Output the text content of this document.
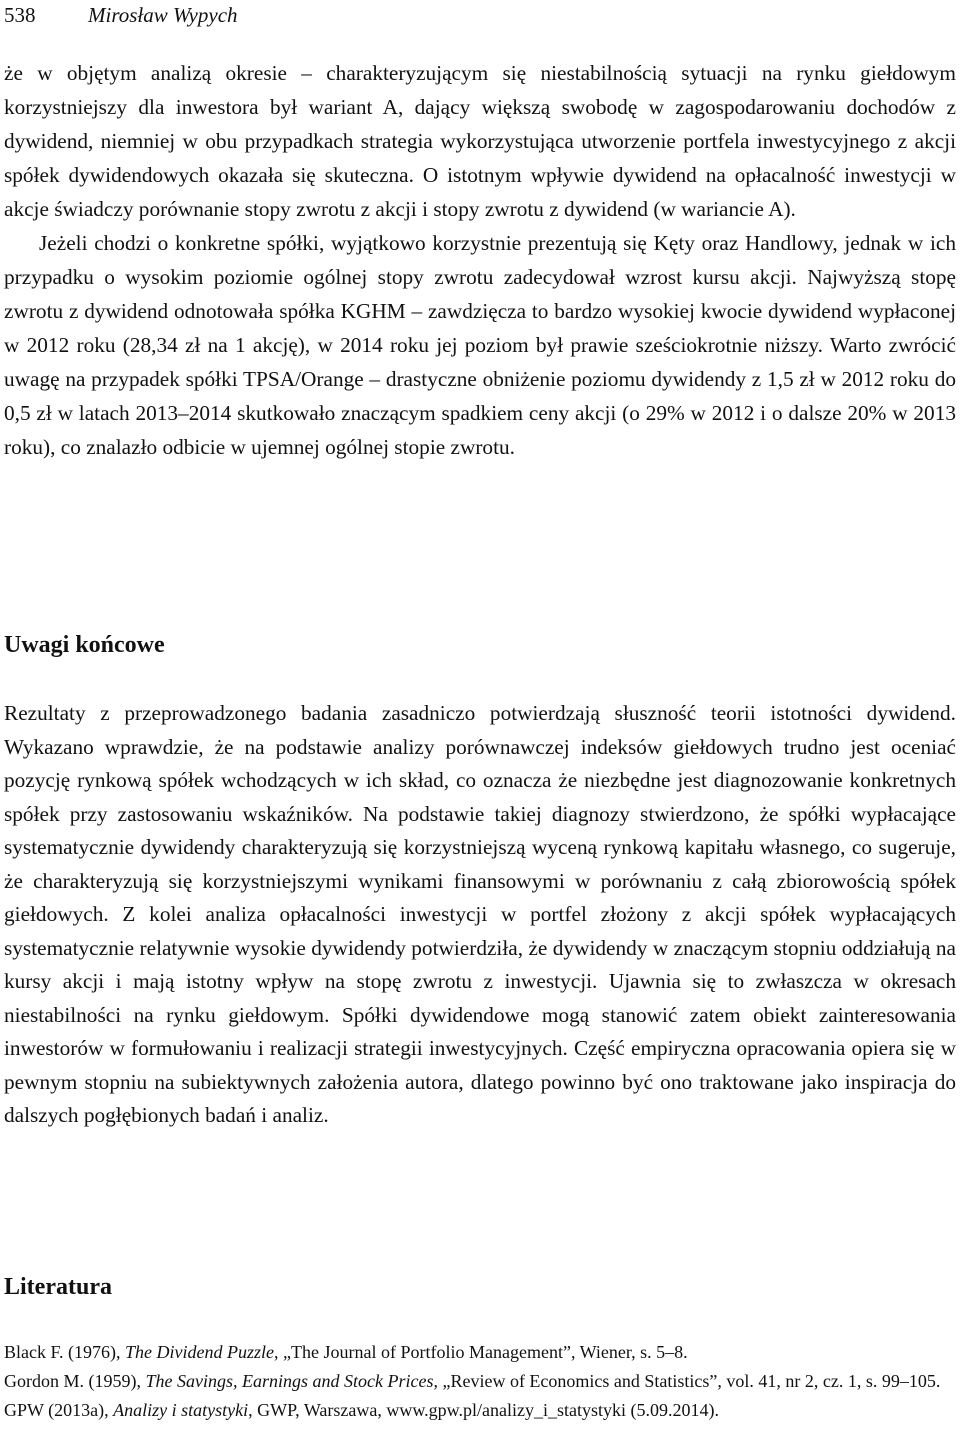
538	Mirosław Wypych

że w objętym analizą okresie – charakteryzującym się niestabilnością sytuacji na rynku giełdowym korzystniejszy dla inwestora był wariant A, dający większą swobodę w zagospodarowaniu dochodów z dywidend, niemniej w obu przypadkach strategia wykorzystująca utworzenie portfela inwestycyjnego z akcji spółek dywidendowych okazała się skuteczna. O istotnym wpływie dywidend na opłacalność inwestycji w akcje świadczy porównanie stopy zwrotu z akcji i stopy zwrotu z dywidend (w wariancie A).

Jeżeli chodzi o konkretne spółki, wyjątkowo korzystnie prezentują się Kęty oraz Handlowy, jednak w ich przypadku o wysokim poziomie ogólnej stopy zwrotu zadecydował wzrost kursu akcji. Najwyższą stopę zwrotu z dywidend odnotowała spółka KGHM – zawdzięcza to bardzo wysokiej kwocie dywidend wypłaconej w 2012 roku (28,34 zł na 1 akcję), w 2014 roku jej poziom był prawie sześciokrotnie niższy. Warto zwrócić uwagę na przypadek spółki TPSA/Orange – drastyczne obniżenie poziomu dywidendy z 1,5 zł w 2012 roku do 0,5 zł w latach 2013–2014 skutkowało znaczącym spadkiem ceny akcji (o 29% w 2012 i o dalsze 20% w 2013 roku), co znalazło odbicie w ujemnej ogólnej stopie zwrotu.

Uwagi końcowe

Rezultaty z przeprowadzonego badania zasadniczo potwierdzają słuszność teorii istotności dywidend. Wykazano wprawdzie, że na podstawie analizy porównawczej indeksów giełdowych trudno jest oceniać pozycję rynkową spółek wchodzących w ich skład, co oznacza że niezbędne jest diagnozowanie konkretnych spółek przy zastosowaniu wskaźników. Na podstawie takiej diagnozy stwierdzono, że spółki wypłacające systematycznie dywidendy charakteryzują się korzystniejszą wyceną rynkową kapitału własnego, co sugeruje, że charakteryzują się korzystniejszymi wynikami finansowymi w porównaniu z całą zbiorowością spółek giełdowych. Z kolei analiza opłacalności inwestycji w portfel złożony z akcji spółek wypłacających systematycznie relatywnie wysokie dywidendy potwierdziła, że dywidendy w znaczącym stopniu oddziałują na kursy akcji i mają istotny wpływ na stopę zwrotu z inwestycji. Ujawnia się to zwłaszcza w okresach niestabilności na rynku giełdowym. Spółki dywidendowe mogą stanowić zatem obiekt zainteresowania inwestorów w formułowaniu i realizacji strategii inwestycyjnych. Część empiryczna opracowania opiera się w pewnym stopniu na subiektywnych założenia autora, dlatego powinno być ono traktowane jako inspiracja do dalszych pogłębionych badań i analiz.

Literatura

Black F. (1976), The Dividend Puzzle, „The Journal of Portfolio Management”, Wiener, s. 5–8.

Gordon M. (1959), The Savings, Earnings and Stock Prices, „Review of Economics and Statistics”, vol. 41, nr 2, cz. 1, s. 99–105.

GPW (2013a), Analizy i statystyki, GWP, Warszawa, www.gpw.pl/analizy_i_statystyki (5.09.2014).
